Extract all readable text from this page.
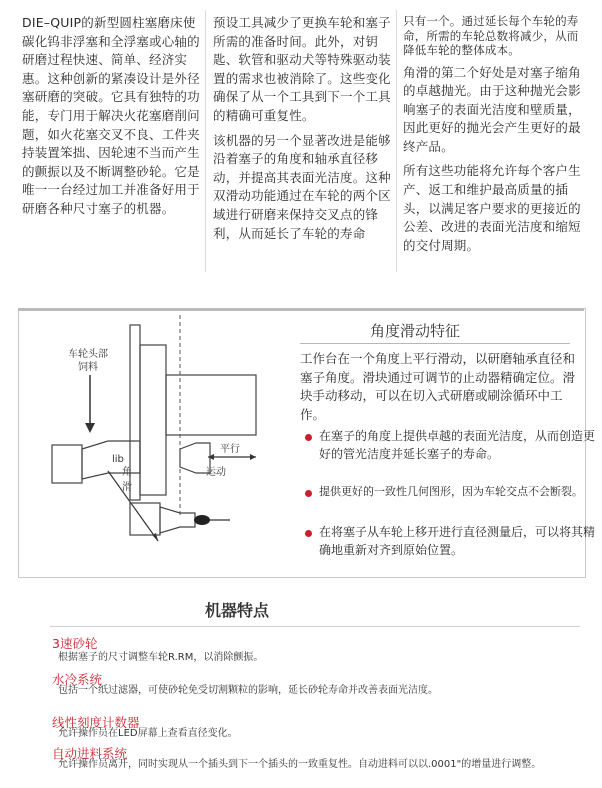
DIE–QUIP的新型圆柱塞磨床使碳化钨非浮塞和全浮塞或心轴的研磨过程快速、简单、经济实惠。这种创新的紧凑设计是外径塞研磨的突破。它具有独特的功能，专门用于解决火花塞磨削问题，如火花塞交叉不良、工件夹持装置笨拙、因轮速不当而产生的颤振以及不断调整砂轮。它是唯一一台经过加工并准备好用于研磨各种尺寸塞子的机器。

预设工具减少了更换车轮和塞子所需的准备时间。此外，对钥匙、软管和驱动犬等特殊驱动装置的需求也被消除了。这些变化确保了从一个工具到下一个工具的精确可重复性。

该机器的另一个显著改进是能够沿着塞子的角度和轴承直径移动，并提高其表面光洁度。这种双滑动功能通过在车轮的两个区域进行研磨来保持交叉点的锋利，从而延长了车轮的寿命

只有一个。通过延长每个车轮的寿命，所需的车轮总数将减少，从而降低车轮的整体成本。

角滑的第二个好处是对塞子缩角的卓越抛光。由于这种抛光会影响塞子的表面光洁度和壁质量，因此更好的抛光会产生更好的最终产品。

所有这些功能将允许每个客户生产、返工和维护最高质量的插头，以满足客户要求的更接近的公差、改进的表面光洁度和缩短的交付周期。

车轮头部
饲料
lib
平行
运动
角
滑
角度滑动特征
工作台在一个角度上平行滑动，以研磨轴承直径和塞子角度。滑块通过可调节的止动器精确定位。滑块手动移动，可以在切入式研磨或刷涂循环中工作。
在塞子的角度上提供卓越的表面光洁度，从而创造更好的管光洁度并延长塞子的寿命。
提供更好的一致性几何图形，因为车轮交点不会断裂。
在将塞子从车轮上移开进行直径测量后，可以将其精确地重新对齐到原始位置。
机器特点
3速砂轮
根据塞子的尺寸调整车轮R.RM，以消除颤振。
水冷系统
包括一个纸过滤器，可使砂轮免受切割颗粒的影响，延长砂轮寿命并改善表面光洁度。
线性刻度计数器
允许操作员在LED屏幕上查看直径变化。
自动进料系统
允许操作员离开，同时实现从一个插头到下一个插头的一致重复性。自动进料可以以.0001"的增量进行调整。
